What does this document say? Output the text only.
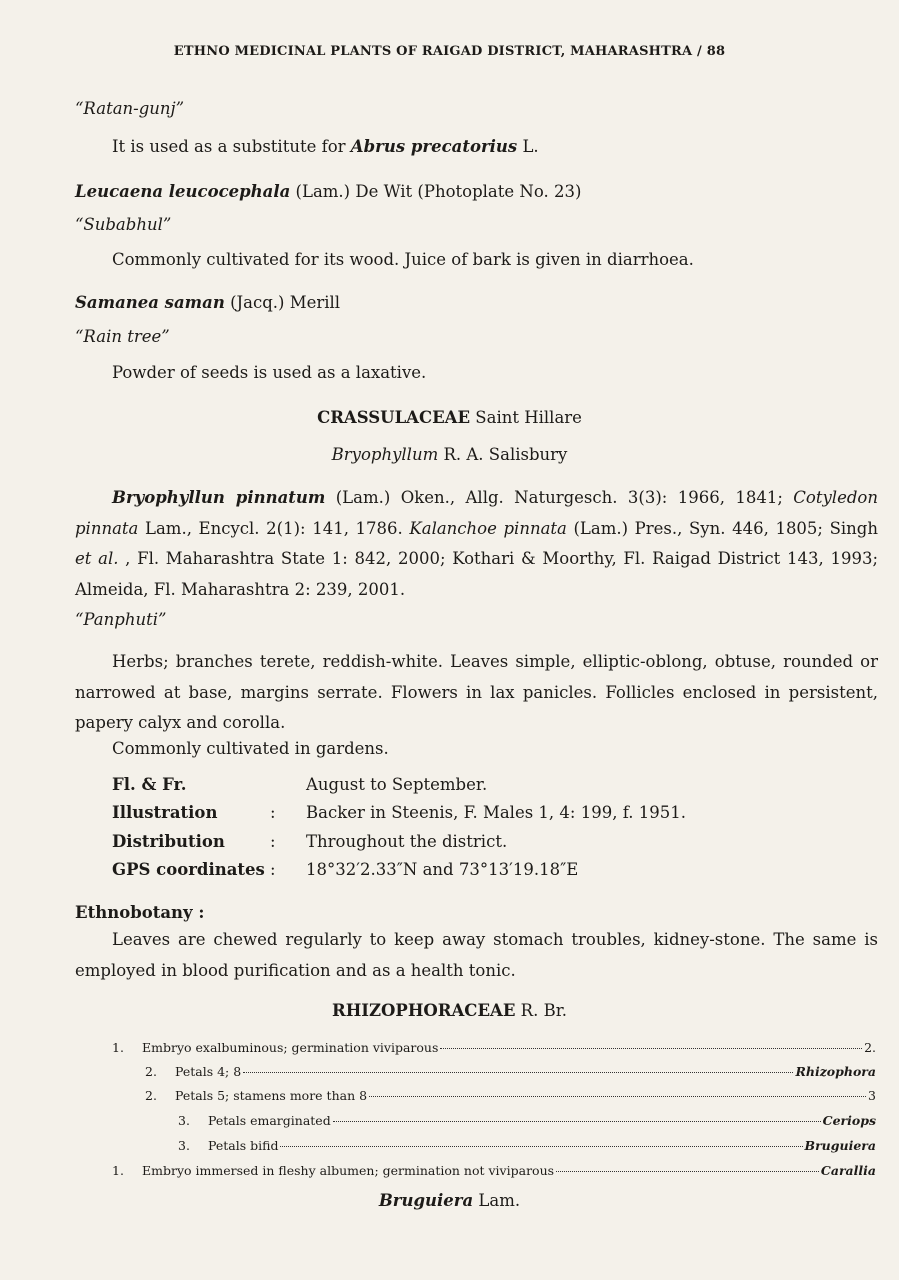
ETHNO MEDICINAL PLANTS OF RAIGAD DISTRICT, MAHARASHTRA / 88
“Ratan-gunj”
It is used as a substitute for Abrus precatorius L.
Leucaena leucocephala (Lam.) De Wit (Photoplate No. 23)
“Subabhul”
Commonly cultivated for its wood. Juice of bark is given in diarrhoea.
Samanea saman (Jacq.) Merill
“Rain tree”
Powder of seeds is used as a laxative.
CRASSULACEAE Saint Hillare
Bryophyllum R. A. Salisbury
Bryophyllun pinnatum (Lam.) Oken., Allg. Naturgesch. 3(3): 1966, 1841; Cotyledon pinnata Lam., Encycl. 2(1): 141, 1786. Kalanchoe pinnata (Lam.) Pres., Syn. 446, 1805; Singh et al. , Fl. Maharashtra State 1: 842, 2000; Kothari & Moorthy, Fl. Raigad District 143, 1993; Almeida, Fl. Maharashtra 2: 239, 2001.
“Panphuti”
Herbs; branches terete, reddish-white. Leaves simple, elliptic-oblong, obtuse, rounded or narrowed at base, margins serrate. Flowers in lax panicles. Follicles enclosed in persistent, papery calyx and corolla.
Commonly cultivated in gardens.
Fl. & Fr.	August to September.
Illustration	: Backer in Steenis, F. Males 1, 4: 199, f. 1951.
Distribution	: Throughout the district.
GPS coordinates : 18°32′2.33″N and 73°13′19.18″E
Ethnobotany :
Leaves are chewed regularly to keep away stomach troubles, kidney-stone. The same is employed in blood purification and as a health tonic.
RHIZOPHORACEAE R. Br.
1.	Embryo exalbuminous; germination viviparous	2.
2.	Petals 4; 8	Rhizophora
2.	Petals 5; stamens more than 8	3
3.	Petals emarginated	Ceriops
3.	Petals bifid	Bruguiera
1.	Embryo immersed in fleshy albumen; germination not viviparous	Carallia
Bruguiera Lam.
